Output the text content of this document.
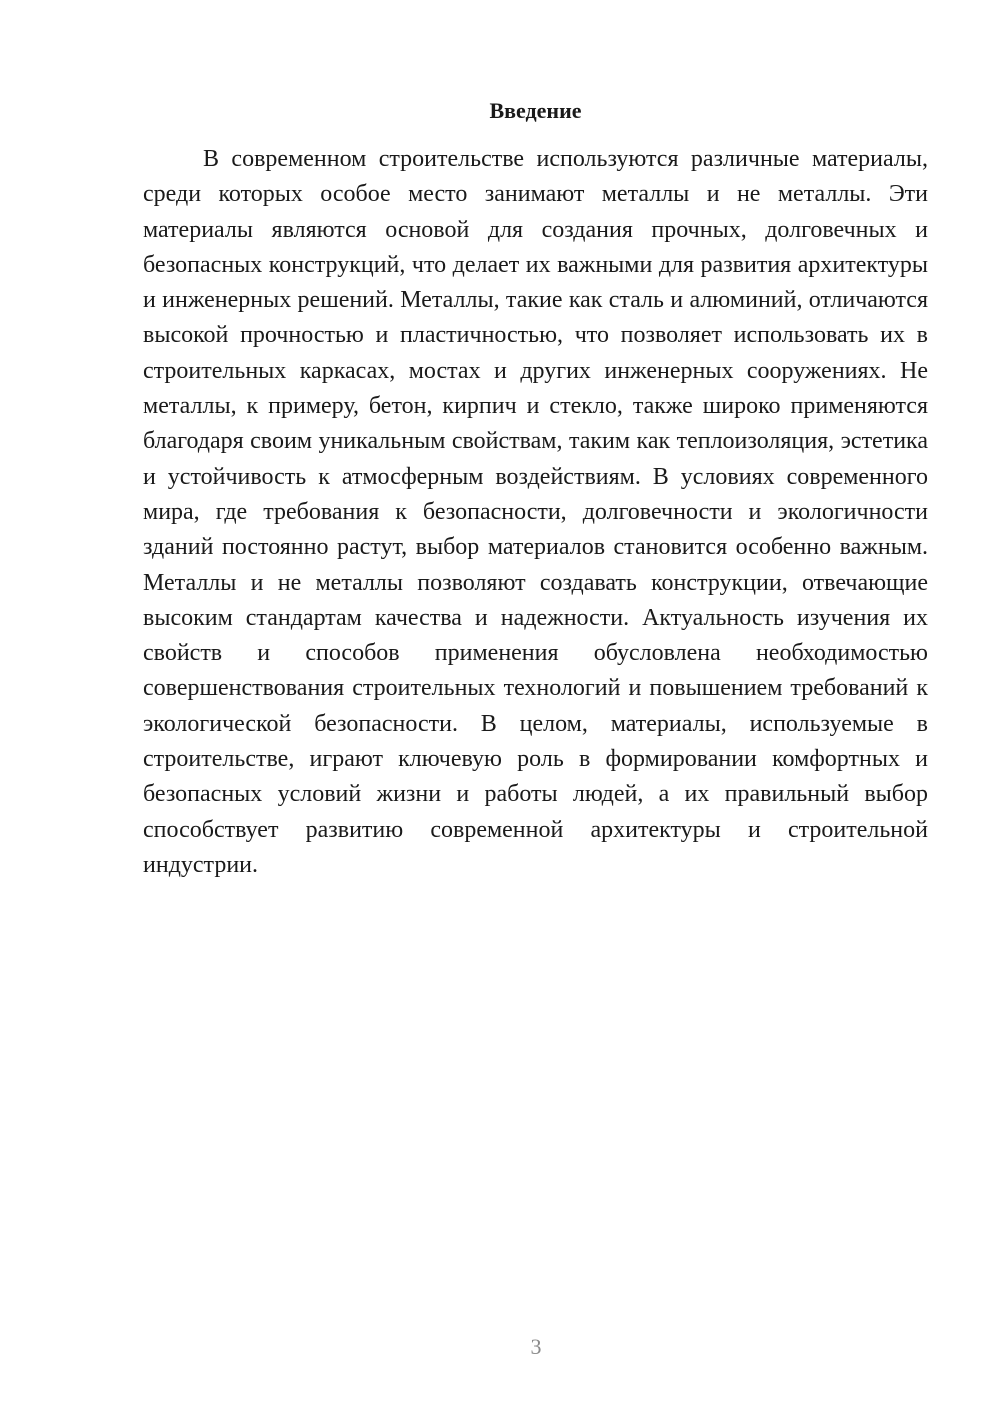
Введение

В современном строительстве используются различные материалы, среди которых особое место занимают металлы и не металлы. Эти материалы являются основой для создания прочных, долговечных и безопасных конструкций, что делает их важными для развития архитектуры и инженерных решений. Металлы, такие как сталь и алюминий, отличаются высокой прочностью и пластичностью, что позволяет использовать их в строительных каркасах, мостах и других инженерных сооружениях. Не металлы, к примеру, бетон, кирпич и стекло, также широко применяются благодаря своим уникальным свойствам, таким как теплоизоляция, эстетика и устойчивость к атмосферным воздействиям. В условиях современного мира, где требования к безопасности, долговечности и экологичности зданий постоянно растут, выбор материалов становится особенно важным. Металлы и не металлы позволяют создавать конструкции, отвечающие высоким стандартам качества и надежности. Актуальность изучения их свойств и способов применения обусловлена необходимостью совершенствования строительных технологий и повышением требований к экологической безопасности. В целом, материалы, используемые в строительстве, играют ключевую роль в формировании комфортных и безопасных условий жизни и работы людей, а их правильный выбор способствует развитию современной архитектуры и строительной индустрии.

3
